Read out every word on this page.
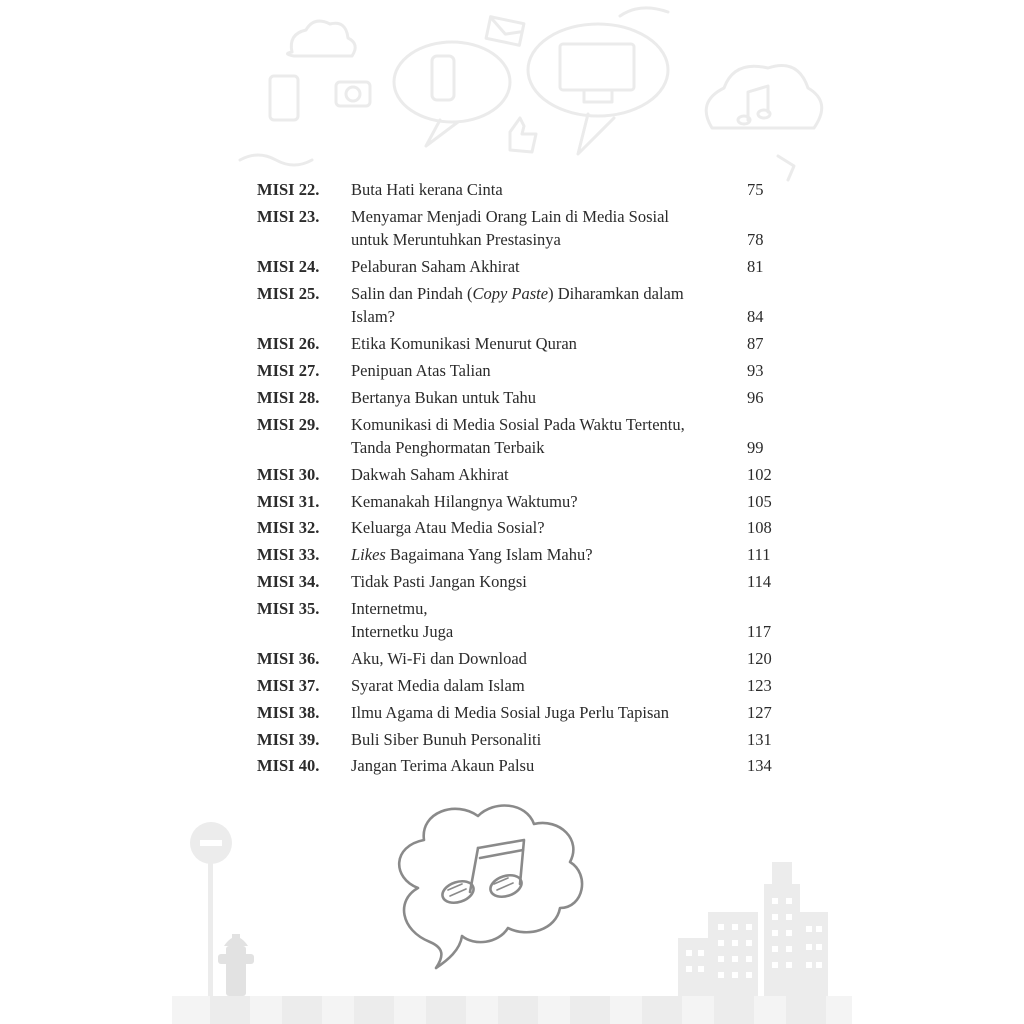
MISI 22.	Buta Hati kerana Cinta	75
MISI 23.	Menyamar Menjadi Orang Lain di Media Sosial
untuk Meruntuhkan Prestasinya	78
MISI 24.	Pelaburan Saham Akhirat	81
MISI 25.	Salin dan Pindah (Copy Paste) Diharamkan dalam
Islam?	84
MISI 26.	Etika Komunikasi Menurut Quran	87
MISI 27.	Penipuan Atas Talian	93
MISI 28.	Bertanya Bukan untuk Tahu	96
MISI 29.	Komunikasi di Media Sosial Pada Waktu Tertentu,
Tanda Penghormatan Terbaik	99
MISI 30.	Dakwah Saham Akhirat	102
MISI 31.	Kemanakah Hilangnya Waktumu?	105
MISI 32.	Keluarga Atau Media Sosial?	108
MISI 33.	Likes Bagaimana Yang Islam Mahu?	111
MISI 34.	Tidak Pasti Jangan Kongsi	114
MISI 35.	Internetmu,
Internetku Juga	117
MISI 36.	Aku, Wi-Fi dan Download	120
MISI 37.	Syarat Media dalam Islam	123
MISI 38.	Ilmu Agama di Media Sosial Juga Perlu Tapisan	127
MISI 39.	Buli Siber Bunuh Personaliti	131
MISI 40.	Jangan Terima Akaun Palsu	134
